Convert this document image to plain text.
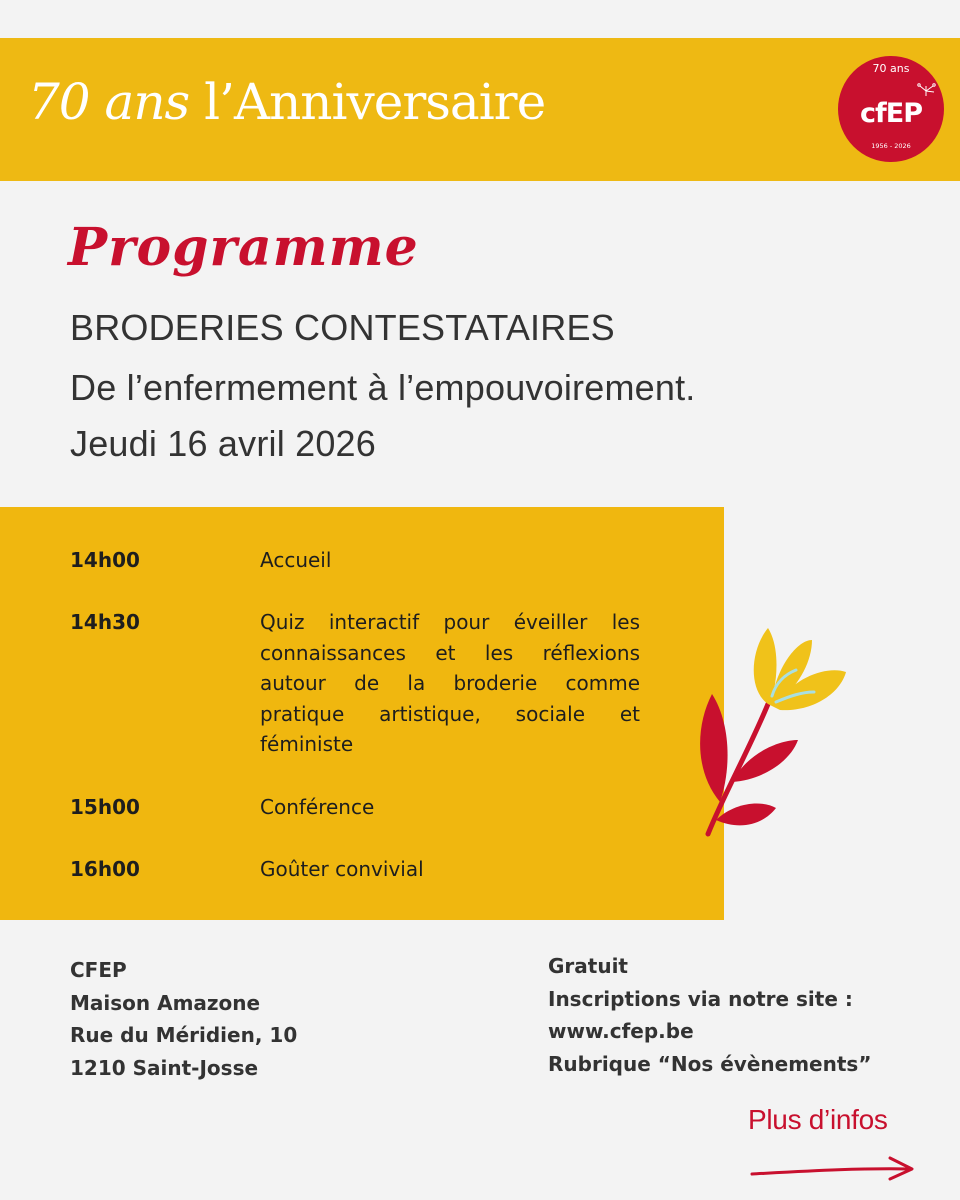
70 ans l’Anniversaire
70 ans
cfEP
1956 - 2026
Programme
BRODERIES CONTESTATAIRES
De l’enfermement à l’empouvoirement.
Jeudi 16 avril 2026
14h00	Accueil
14h30	Quiz interactif pour éveiller les connaissances et les réflexions autour de la broderie comme pratique artistique, sociale et féministe
15h00	Conférence
16h00	Goûter convivial
CFEP
Maison Amazone
Rue du Méridien, 10
1210 Saint-Josse
Gratuit
Inscriptions via notre site :
www.cfep.be
Rubrique “Nos évènements”
Plus d’infos
